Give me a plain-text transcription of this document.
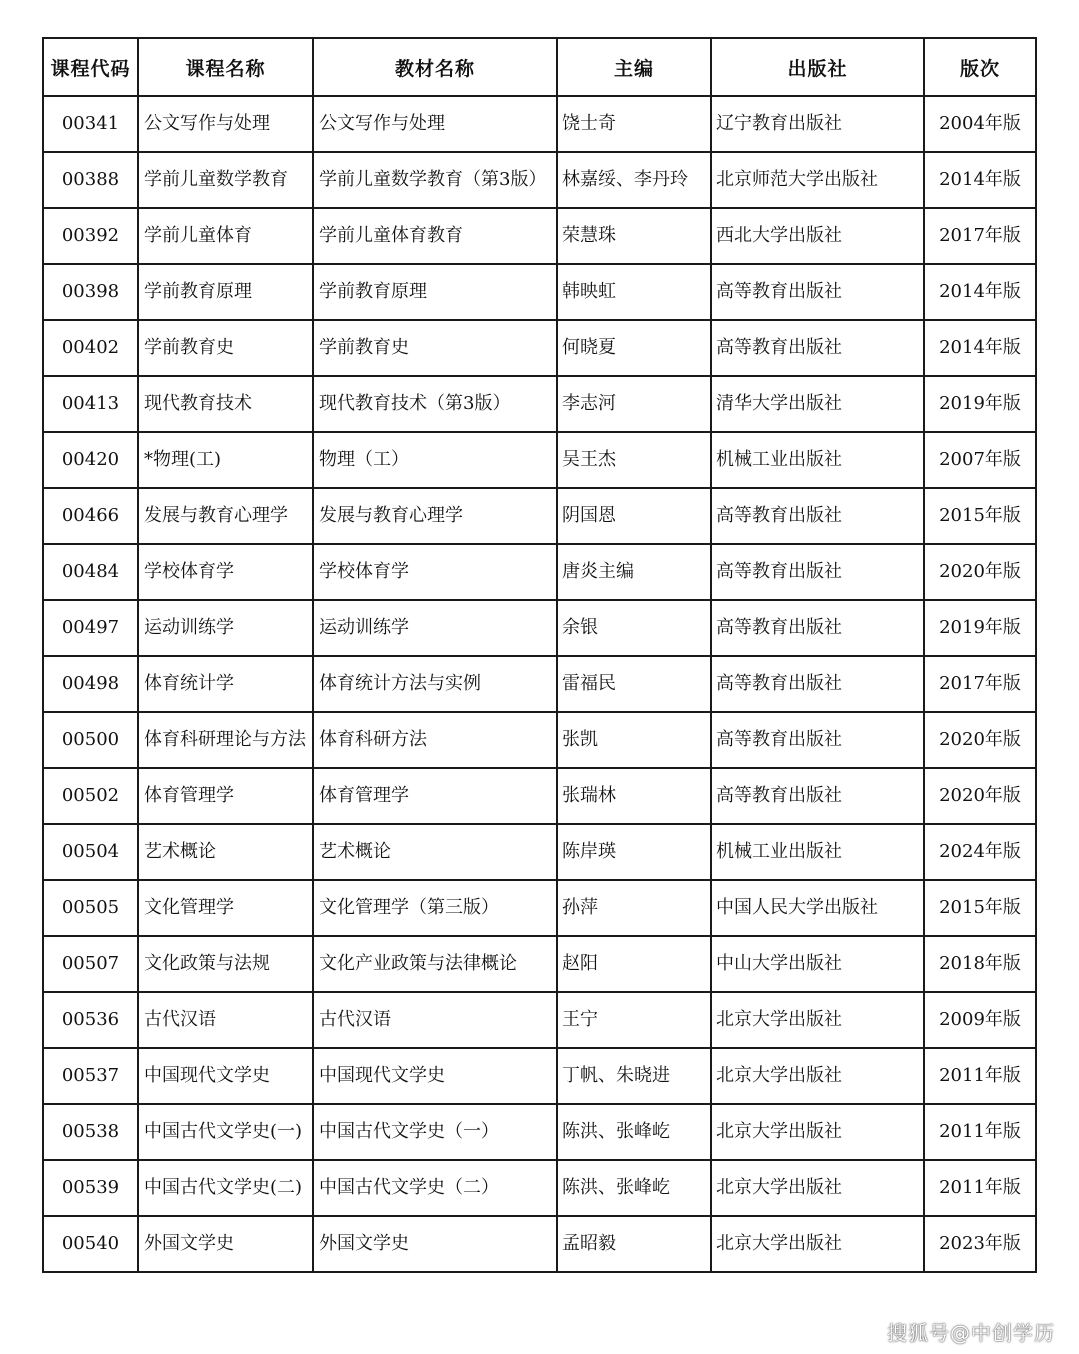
课程代码	课程名称	教材名称	主编	出版社	版次
00341	公文写作与处理	公文写作与处理	饶士奇	辽宁教育出版社	2004年版
00388	学前儿童数学教育	学前儿童数学教育（第3版）	林嘉绥、李丹玲	北京师范大学出版社	2014年版
00392	学前儿童体育	学前儿童体育教育	荣慧珠	西北大学出版社	2017年版
00398	学前教育原理	学前教育原理	韩映虹	高等教育出版社	2014年版
00402	学前教育史	学前教育史	何晓夏	高等教育出版社	2014年版
00413	现代教育技术	现代教育技术（第3版）	李志河	清华大学出版社	2019年版
00420	*物理(工)	物理（工）	吴王杰	机械工业出版社	2007年版
00466	发展与教育心理学	发展与教育心理学	阴国恩	高等教育出版社	2015年版
00484	学校体育学	学校体育学	唐炎主编	高等教育出版社	2020年版
00497	运动训练学	运动训练学	余银	高等教育出版社	2019年版
00498	体育统计学	体育统计方法与实例	雷福民	高等教育出版社	2017年版
00500	体育科研理论与方法	体育科研方法	张凯	高等教育出版社	2020年版
00502	体育管理学	体育管理学	张瑞林	高等教育出版社	2020年版
00504	艺术概论	艺术概论	陈岸瑛	机械工业出版社	2024年版
00505	文化管理学	文化管理学（第三版）	孙萍	中国人民大学出版社	2015年版
00507	文化政策与法规	文化产业政策与法律概论	赵阳	中山大学出版社	2018年版
00536	古代汉语	古代汉语	王宁	北京大学出版社	2009年版
00537	中国现代文学史	中国现代文学史	丁帆、朱晓进	北京大学出版社	2011年版
00538	中国古代文学史(一)	中国古代文学史（一）	陈洪、张峰屹	北京大学出版社	2011年版
00539	中国古代文学史(二)	中国古代文学史（二）	陈洪、张峰屹	北京大学出版社	2011年版
00540	外国文学史	外国文学史	孟昭毅	北京大学出版社	2023年版
搜狐号@中创学历
